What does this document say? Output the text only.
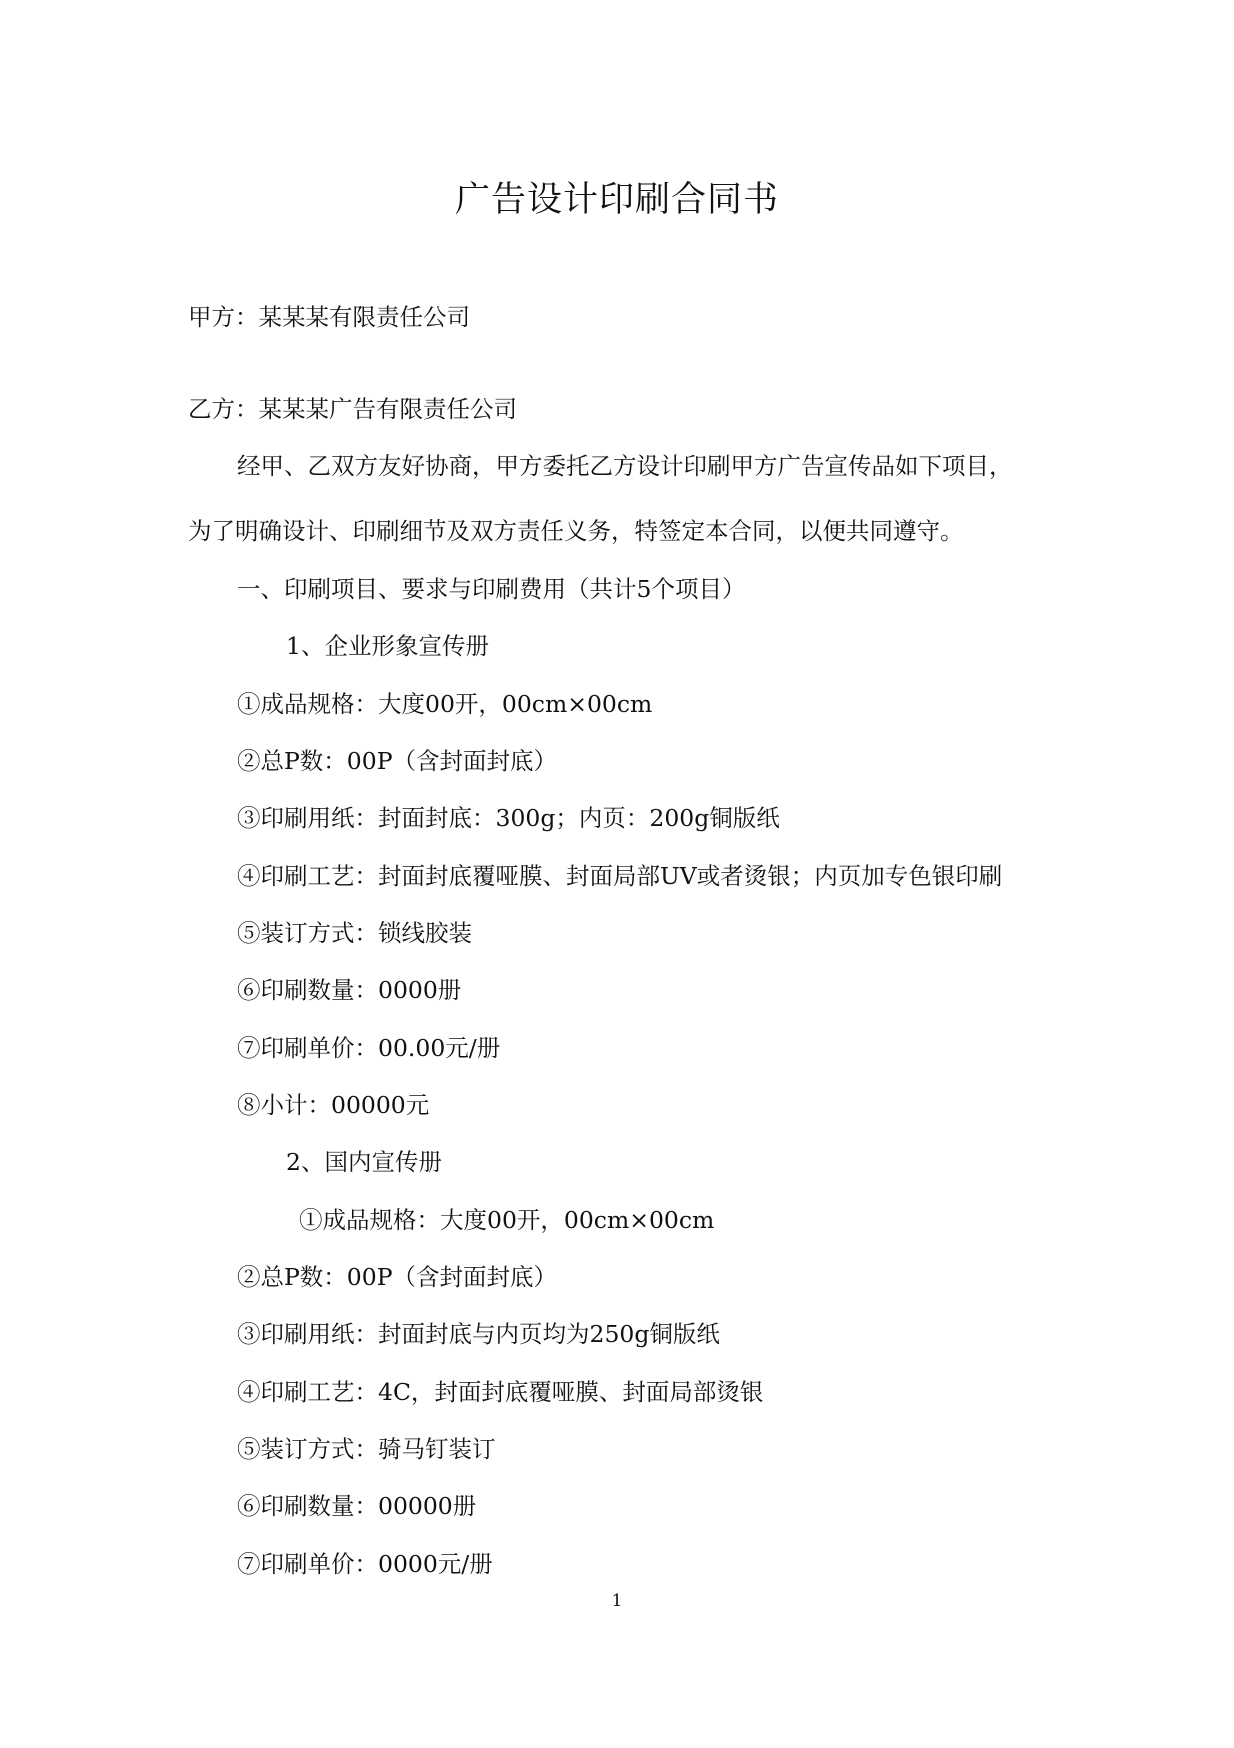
广告设计印刷合同书
甲方：某某某有限责任公司
乙方：某某某广告有限责任公司
经甲、乙双方友好协商，甲方委托乙方设计印刷甲方广告宣传品如下项目，
为了明确设计、印刷细节及双方责任义务，特签定本合同，以便共同遵守。
一、印刷项目、要求与印刷费用（共计5个项目）
1、企业形象宣传册
①成品规格：大度00开，00cm×00cm
②总P数：00P（含封面封底）
③印刷用纸：封面封底：300g；内页：200g铜版纸
④印刷工艺：封面封底覆哑膜、封面局部UV或者烫银；内页加专色银印刷
⑤装订方式：锁线胶装
⑥印刷数量：0000册
⑦印刷单价：00.00元/册
⑧小计：00000元
2、国内宣传册
①成品规格：大度00开，00cm×00cm
②总P数：00P（含封面封底）
③印刷用纸：封面封底与内页均为250g铜版纸
④印刷工艺：4C，封面封底覆哑膜、封面局部烫银
⑤装订方式：骑马钉装订
⑥印刷数量：00000册
⑦印刷单价：0000元/册
1
